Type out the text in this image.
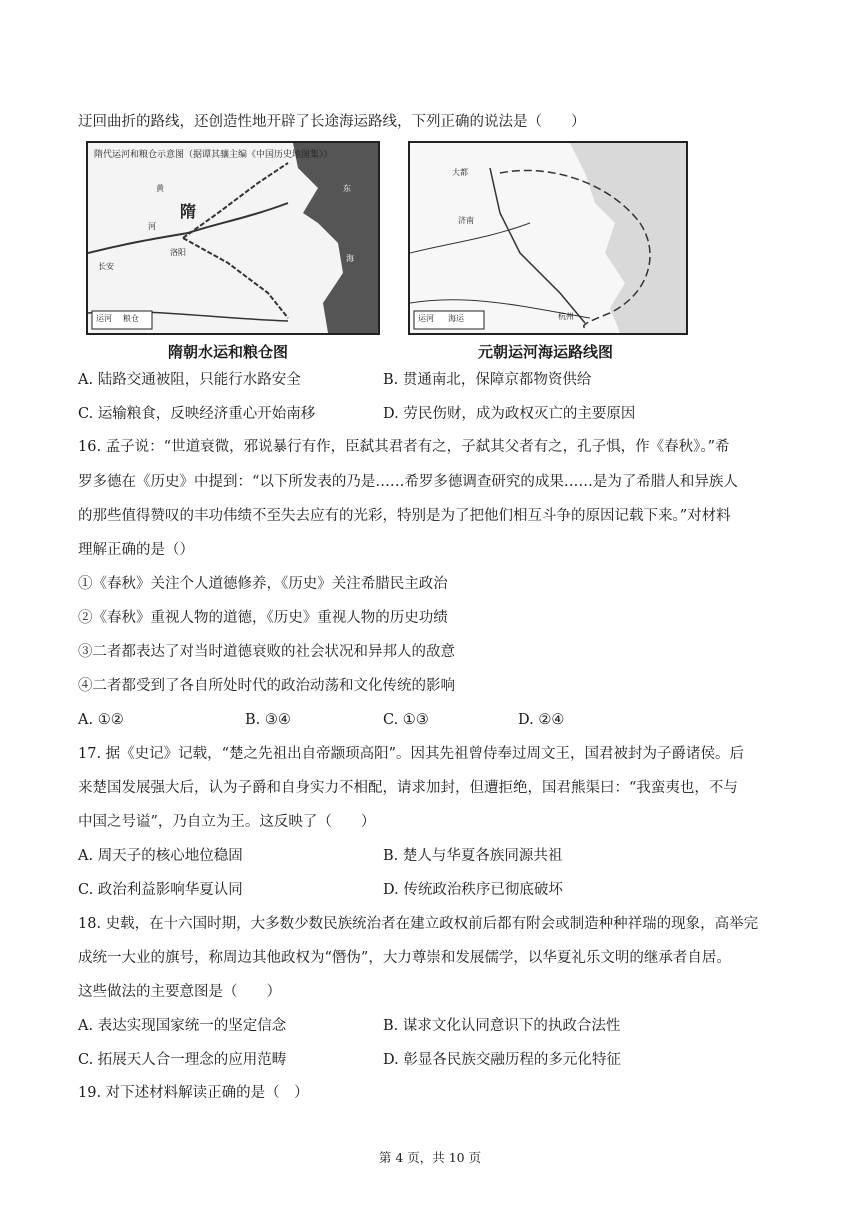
迂回曲折的路线，还创造性地开辟了长途海运路线，下列正确的说法是（　　）
隋代运河和粮仓示意图（据谭其骧主编《中国历史地图集》）
隋
黄
河
东
海
长安
洛阳
运河 粮仓
隋朝水运和粮仓图
大都
济南
杭州
运河 海运
元朝运河海运路线图
A. 陆路交通被阻，只能行水路安全	B. 贯通南北，保障京都物资供给
C. 运输粮食，反映经济重心开始南移	D. 劳民伤财，成为政权灭亡的主要原因
16. 孟子说：“世道衰微，邪说暴行有作，臣弑其君者有之，子弑其父者有之，孔子惧，作《春秋》。”希
罗多德在《历史》中提到：“以下所发表的乃是……希罗多德调查研究的成果……是为了希腊人和异族人
的那些值得赞叹的丰功伟绩不至失去应有的光彩，特别是为了把他们相互斗争的原因记载下来。”对材料
理解正确的是（）
①《春秋》关注个人道德修养，《历史》关注希腊民主政治
②《春秋》重视人物的道德，《历史》重视人物的历史功绩
③二者都表达了对当时道德衰败的社会状况和异邦人的敌意
④二者都受到了各自所处时代的政治动荡和文化传统的影响
A. ①②	B. ③④	C. ①③	D. ②④
17. 据《史记》记载，“楚之先祖出自帝颛顼高阳”。因其先祖曾侍奉过周文王，国君被封为子爵诸侯。后
来楚国发展强大后，认为子爵和自身实力不相配，请求加封，但遭拒绝，国君熊渠曰：“我蛮夷也，不与
中国之号谥”，乃自立为王。这反映了（　　）
A. 周天子的核心地位稳固	B. 楚人与华夏各族同源共祖
C. 政治利益影响华夏认同	D. 传统政治秩序已彻底破坏
18. 史载，在十六国时期，大多数少数民族统治者在建立政权前后都有附会或制造种种祥瑞的现象，高举完
成统一大业的旗号，称周边其他政权为“僭伪”，大力尊崇和发展儒学，以华夏礼乐文明的继承者自居。
这些做法的主要意图是（　　）
A. 表达实现国家统一的坚定信念	B. 谋求文化认同意识下的执政合法性
C. 拓展天人合一理念的应用范畴	D. 彰显各民族交融历程的多元化特征
19. 对下述材料解读正确的是（　）
第 4 页，共 10 页
